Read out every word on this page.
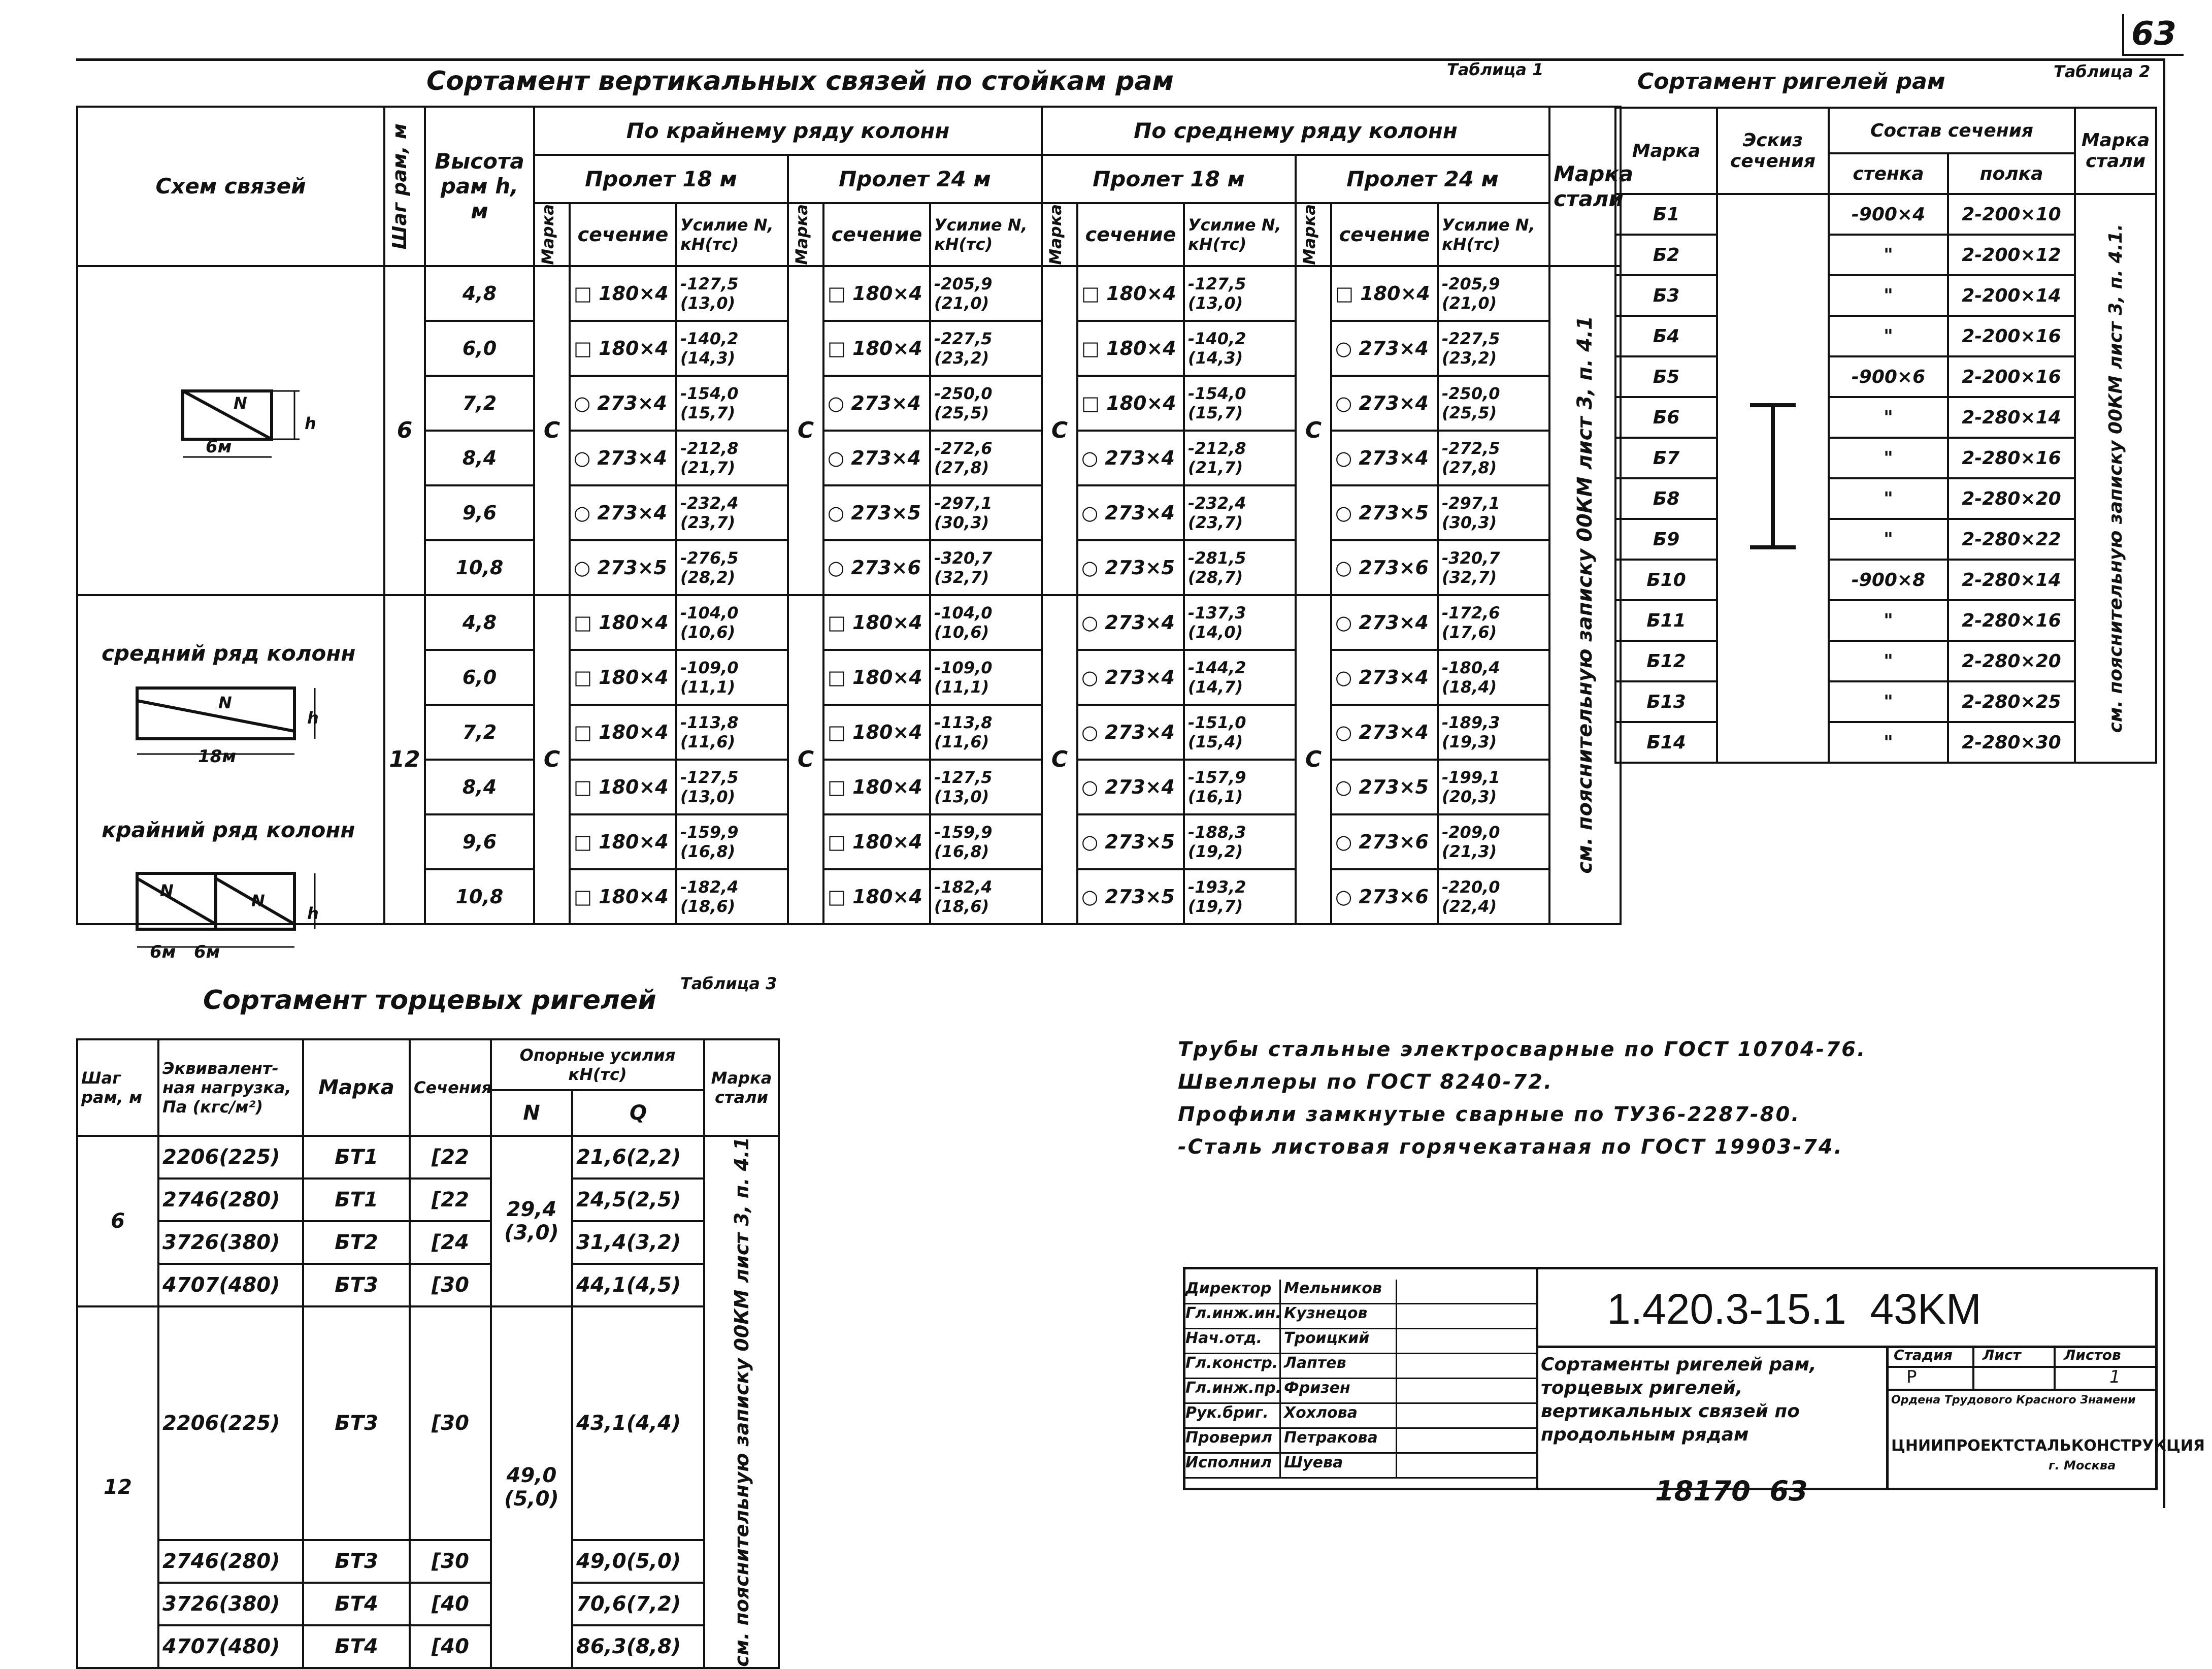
63
Сортамент вертикальных связей по стойкам рам	Таблица 1
Схем связей	Шаг рам, м	Высота рам h, м	По крайнему ряду колонн						По среднему ряду колонн						Марка стали
			Пролет 18 м			Пролет 24 м			Пролет 18 м			Пролет 24 м			

			Марка	сечение	Усилие N, кН(тс)	Марка	сечение	Усилие N, кН(тс)	Марка	сечение	Усилие N, кН(тс)	Марка	сечение	Усилие N, кН(тс)	
	6	4,8	С	□ 180×4	-127,5 (13,0)	С	□ 180×4	-205,9 (21,0)	С	□ 180×4	-127,5 (13,0)	С	□ 180×4	-205,9 (21,0)	см. пояснительную записку 00КМ лист 3, п. 4.1

		6,0		□ 180×4	-140,2 (14,3)		□ 180×4	-227,5 (23,2)		□ 180×4	-140,2 (14,3)		○ 273×4	-227,5 (23,2)	
		7,2		○ 273×4	-154,0 (15,7)		○ 273×4	-250,0 (25,5)		□ 180×4	-154,0 (15,7)		○ 273×4	-250,0 (25,5)	
		8,4		○ 273×4	-212,8 (21,7)		○ 273×4	-272,6 (27,8)		○ 273×4	-212,8 (21,7)		○ 273×4	-272,5 (27,8)	
		9,6		○ 273×4	-232,4 (23,7)		○ 273×5	-297,1 (30,3)		○ 273×4	-232,4 (23,7)		○ 273×5	-297,1 (30,3)	
		10,8		○ 273×5	-276,5 (28,2)		○ 273×6	-320,7 (32,7)		○ 273×5	-281,5 (28,7)		○ 273×6	-320,7 (32,7)	
	12	4,8	С	□ 180×4	-104,0 (10,6)	С	□ 180×4	-104,0 (10,6)	С	○ 273×4	-137,3 (14,0)	С	○ 273×4	-172,6 (17,6)	
		6,0		□ 180×4	-109,0 (11,1)		□ 180×4	-109,0 (11,1)		○ 273×4	-144,2 (14,7)		○ 273×4	-180,4 (18,4)	
		7,2		□ 180×4	-113,8 (11,6)		□ 180×4	-113,8 (11,6)		○ 273×4	-151,0 (15,4)		○ 273×4	-189,3 (19,3)	
		8,4		□ 180×4	-127,5 (13,0)		□ 180×4	-127,5 (13,0)		○ 273×4	-157,9 (16,1)		○ 273×5	-199,1 (20,3)	
		9,6		□ 180×4	-159,9 (16,8)		□ 180×4	-159,9 (16,8)		○ 273×5	-188,3 (19,2)		○ 273×6	-209,0 (21,3)	
		10,8		□ 180×4	-182,4 (18,6)		□ 180×4	-182,4 (18,6)		○ 273×5	-193,2 (19,7)		○ 273×6	-220,0 (22,4)	
6м
N
h
средний ряд колонн
18м
N
h
крайний ряд колонн
6м   6м
N
N
h
Сортамент ригелей рам	Таблица 2
Марка	Эскиз сечения	Состав сечения		Марка стали
		стенка	полка	
Б1		-900×4	2-200×10	см. пояснительную записку 00КМ лист 3, п. 4.1.

Б2		"	2-200×12	
Б3		"	2-200×14	
Б4		"	2-200×16	
Б5		-900×6	2-200×16	
Б6		"	2-280×14	
Б7		"	2-280×16	
Б8		"	2-280×20	
Б9		"	2-280×22	
Б10		-900×8	2-280×14	
Б11		"	2-280×16	
Б12		"	2-280×20	
Б13		"	2-280×25	
Б14		"	2-280×30	
Сортамент торцевых ригелей
Таблица 3
Шаг рам, м	Эквивалент-ная нагрузка, Пa (кгс/м²)	Марка	Сечения	Опорные усилия кН(тс)		Марка стали
				N	Q	
6	2206(225)	БТ1	[22	29,4 (3,0)	21,6(2,2)	см. пояснительную записку 00КМ лист 3, п. 4.1

	2746(280)	БТ1	[22		24,5(2,5)	
	3726(380)	БТ2	[24		31,4(3,2)	
	4707(480)	БТ3	[30		44,1(4,5)	
12	2206(225)	БТ3	[30	49,0 (5,0)	43,1(4,4)	
	2746(280)	БТ3	[30		49,0(5,0)	
	3726(380)	БТ4	[40		70,6(7,2)	
	4707(480)	БТ4	[40		86,3(8,8)	
Трубы стальные электросварные по ГОСТ 10704-76.
Швеллеры по ГОСТ 8240-72.
Профили замкнутые сварные по ТУ36-2287-80.
-Сталь листовая горячекатаная по ГОСТ 19903-74.
Директор Мельников
Гл.инж.ин. Кузнецов
Нач.отд.	Троицкий
Гл.констр. Лаптев
Гл.инж.пр. Фризен
Рук.бриг.	Хохлова
Проверил Петракова
Исполнил Шуева
1.420.3-15.1  43KM
Сортаменты ригелей рам, торцевых ригелей, вертикальных связей по продольным рядам
Стадия Лист	Листов
Р	1
Ордена Трудового Красного Знамени
ЦНИИПРОЕКТСТАЛЬКОНСТРУКЦИЯ
г. Москва
18170  63
